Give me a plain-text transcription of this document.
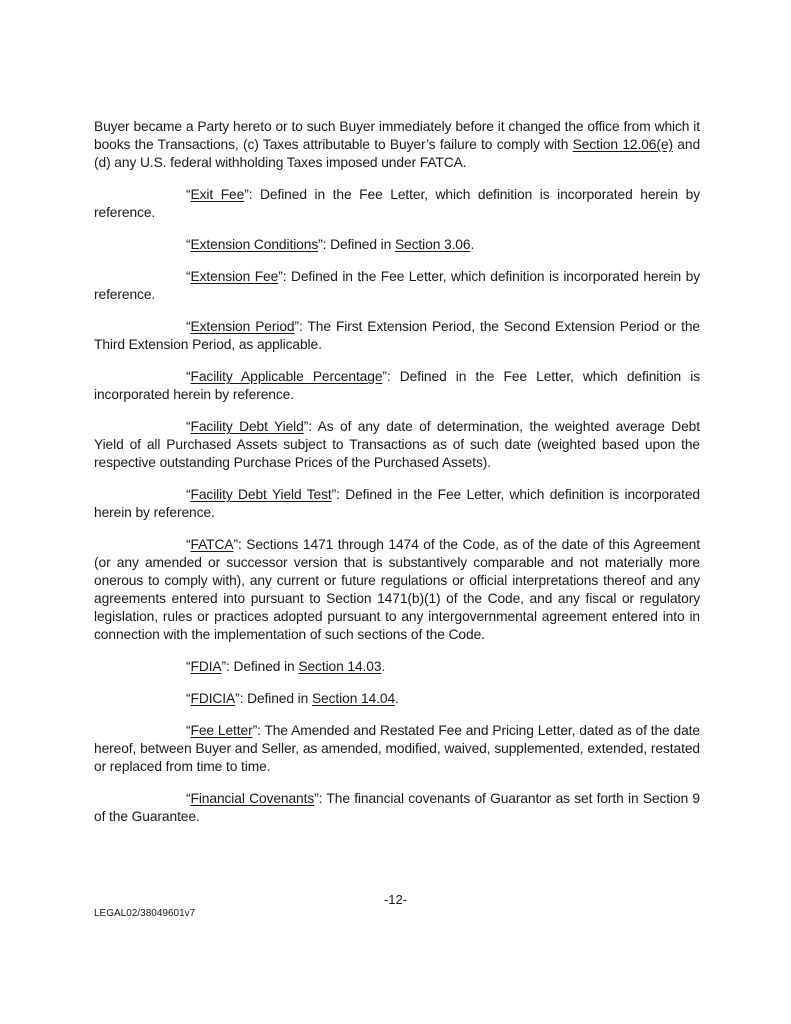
Buyer became a Party hereto or to such Buyer immediately before it changed the office from which it books the Transactions, (c) Taxes attributable to Buyer’s failure to comply with Section 12.06(e) and (d) any U.S. federal withholding Taxes imposed under FATCA.

“Exit Fee”: Defined in the Fee Letter, which definition is incorporated herein by reference.

“Extension Conditions”: Defined in Section 3.06.

“Extension Fee”: Defined in the Fee Letter, which definition is incorporated herein by reference.

“Extension Period”: The First Extension Period, the Second Extension Period or the Third Extension Period, as applicable.

“Facility Applicable Percentage”: Defined in the Fee Letter, which definition is incorporated herein by reference.

“Facility Debt Yield”: As of any date of determination, the weighted average Debt Yield of all Purchased Assets subject to Transactions as of such date (weighted based upon the respective outstanding Purchase Prices of the Purchased Assets).

“Facility Debt Yield Test”: Defined in the Fee Letter, which definition is incorporated herein by reference.

“FATCA”: Sections 1471 through 1474 of the Code, as of the date of this Agreement (or any amended or successor version that is substantively comparable and not materially more onerous to comply with), any current or future regulations or official interpretations thereof and any agreements entered into pursuant to Section 1471(b)(1) of the Code, and any fiscal or regulatory legislation, rules or practices adopted pursuant to any intergovernmental agreement entered into in connection with the implementation of such sections of the Code.

“FDIA”: Defined in Section 14.03.

“FDICIA”: Defined in Section 14.04.

“Fee Letter”: The Amended and Restated Fee and Pricing Letter, dated as of the date hereof, between Buyer and Seller, as amended, modified, waived, supplemented, extended, restated or replaced from time to time.

“Financial Covenants”: The financial covenants of Guarantor as set forth in Section 9 of the Guarantee.

-12-
LEGAL02/38049601v7
